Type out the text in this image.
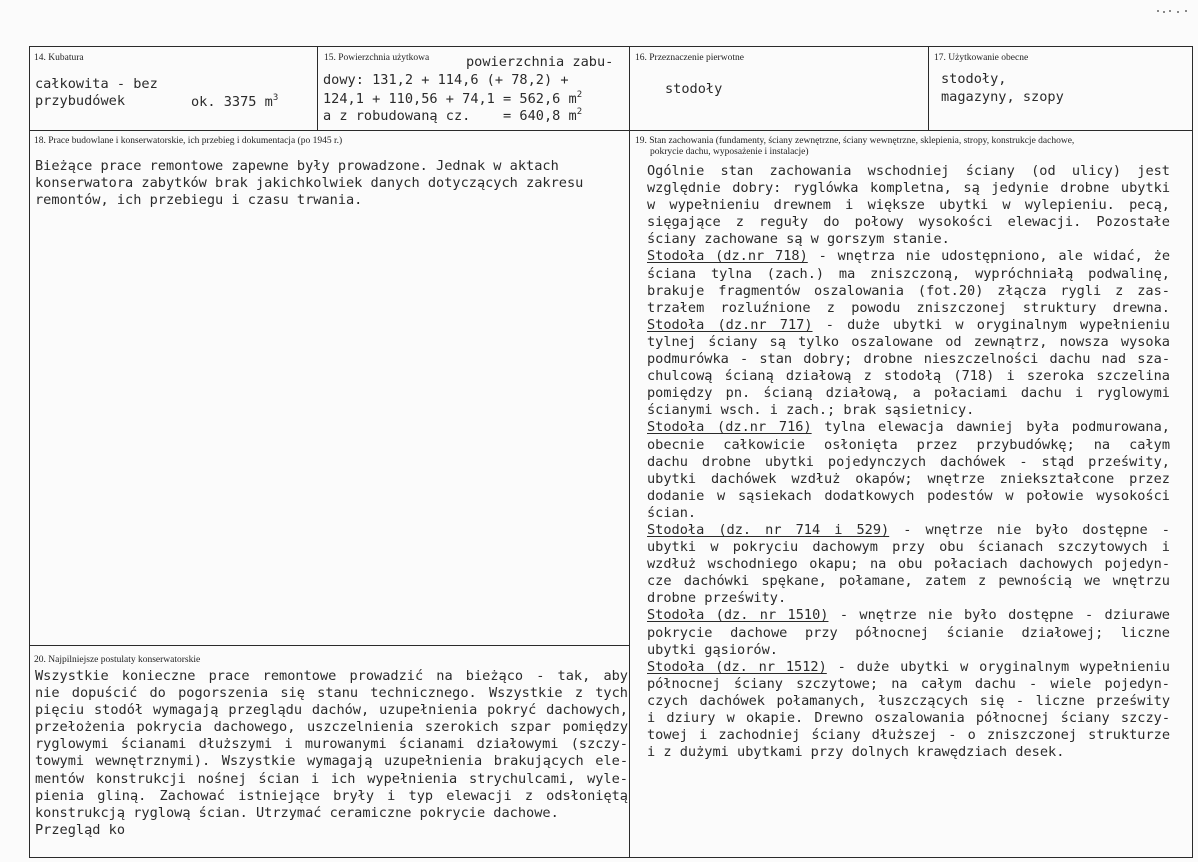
14. Kubatura
całkowita - bez
przybudówek	ok. 3375 $m^3$
15. Powierzchnia użytkowa	powierzchnia zabu-
dowy: 131,2 + 114,6 (+ 78,2) +
124,1 + 110,56 + 74,1 = 562,6 $m^2$
a z robudowaną cz.    = 640,8 $m^2$
16. Przeznaczenie pierwotne
stodoły
17. Użytkowanie obecne
stodoły,
magazyny, szopy
18. Prace budowlane i konserwatorskie, ich przebieg i dokumentacja (po 1945 r.)
Bieżące prace remontowe zapewne były prowadzone. Jednak w aktach
konserwatora zabytków brak jakichkolwiek danych dotyczących zakresu
remontów, ich przebiegu i czasu trwania.
19. Stan zachowania (fundamenty, ściany zewnętrzne, ściany wewnętrzne, sklepienia, stropy, konstrukcje dachowe,
pokrycie dachu, wyposażenie i instalacje)
Ogólnie stan zachowania wschodniej ściany (od ulicy) jest
względnie dobry: ryglówka kompletna, są jedynie drobne ubytki
w wypełnieniu drewnem i większe ubytki w wylepieniu. pecą,
sięgające z reguły do połowy wysokości elewacji. Pozostałe
ściany zachowane są w gorszym stanie.
Stodoła (dz.nr 718) - wnętrza nie udostępniono, ale widać, że
ściana tylna (zach.) ma zniszczoną, wypróchniałą podwalinę,
brakuje fragmentów oszalowania (fot.20) złącza rygli z zas-
trzałem rozluźnione z powodu zniszczonej struktury drewna.
Stodoła (dz.nr 717) - duże ubytki w oryginalnym wypełnieniu
tylnej ściany są tylko oszalowane od zewnątrz, nowsza wysoka
podmurówka - stan dobry; drobne nieszczelności dachu nad sza-
chulcową ścianą działową z stodołą (718) i szeroka szczelina
pomiędzy pn. ścianą działową, a połaciami dachu i ryglowymi
ścianymi wsch. i zach.; brak sąsietnicy.
Stodoła (dz.nr 716) tylna elewacja dawniej była podmurowana,
obecnie całkowicie osłonięta przez przybudówkę; na całym
dachu drobne ubytki pojedynczych dachówek - stąd prześwity,
ubytki dachówek wzdłuż okapów; wnętrze zniekształcone przez
dodanie w sąsiekach dodatkowych podestów w połowie wysokości
ścian.
Stodoła (dz. nr 714 i 529) - wnętrze nie było dostępne -
ubytki w pokryciu dachowym przy obu ścianach szczytowych i
wzdłuż wschodniego okapu; na obu połaciach dachowych pojedyn-
cze dachówki spękane, połamane, zatem z pewnością we wnętrzu
drobne prześwity.
Stodoła (dz. nr 1510) - wnętrze nie było dostępne - dziurawe
pokrycie dachowe przy północnej ścianie działowej; liczne
ubytki gąsiorów.
Stodoła (dz. nr 1512) - duże ubytki w oryginalnym wypełnieniu
północnej ściany szczytowe; na całym dachu - wiele pojedyn-
czych dachówek połamanych, łuszczących się - liczne prześwity
i dziury w okapie. Drewno oszalowania północnej ściany szczy-
towej i zachodniej ściany dłuższej - o zniszczonej strukturze
i z dużymi ubytkami przy dolnych krawędziach desek.
20. Najpilniejsze postulaty konserwatorskie
Wszystkie konieczne prace remontowe prowadzić na bieżąco - tak, aby
nie dopuścić do pogorszenia się stanu technicznego. Wszystkie z tych
pięciu stodół wymagają przeglądu dachów, uzupełnienia pokryć dachowych,
przełożenia pokrycia dachowego, uszczelnienia szerokich szpar pomiędzy
ryglowymi ścianami dłuższymi i murowanymi ścianami działowymi (szczy-
towymi wewnętrznymi). Wszystkie wymagają uzupełnienia brakujących ele-
mentów konstrukcji nośnej ścian i ich wypełnienia strychulcami, wyle-
pienia gliną. Zachować istniejące bryły i typ elewacji z odsłoniętą
konstrukcją ryglową ścian. Utrzymać ceramiczne pokrycie dachowe.
Przegląd ko
